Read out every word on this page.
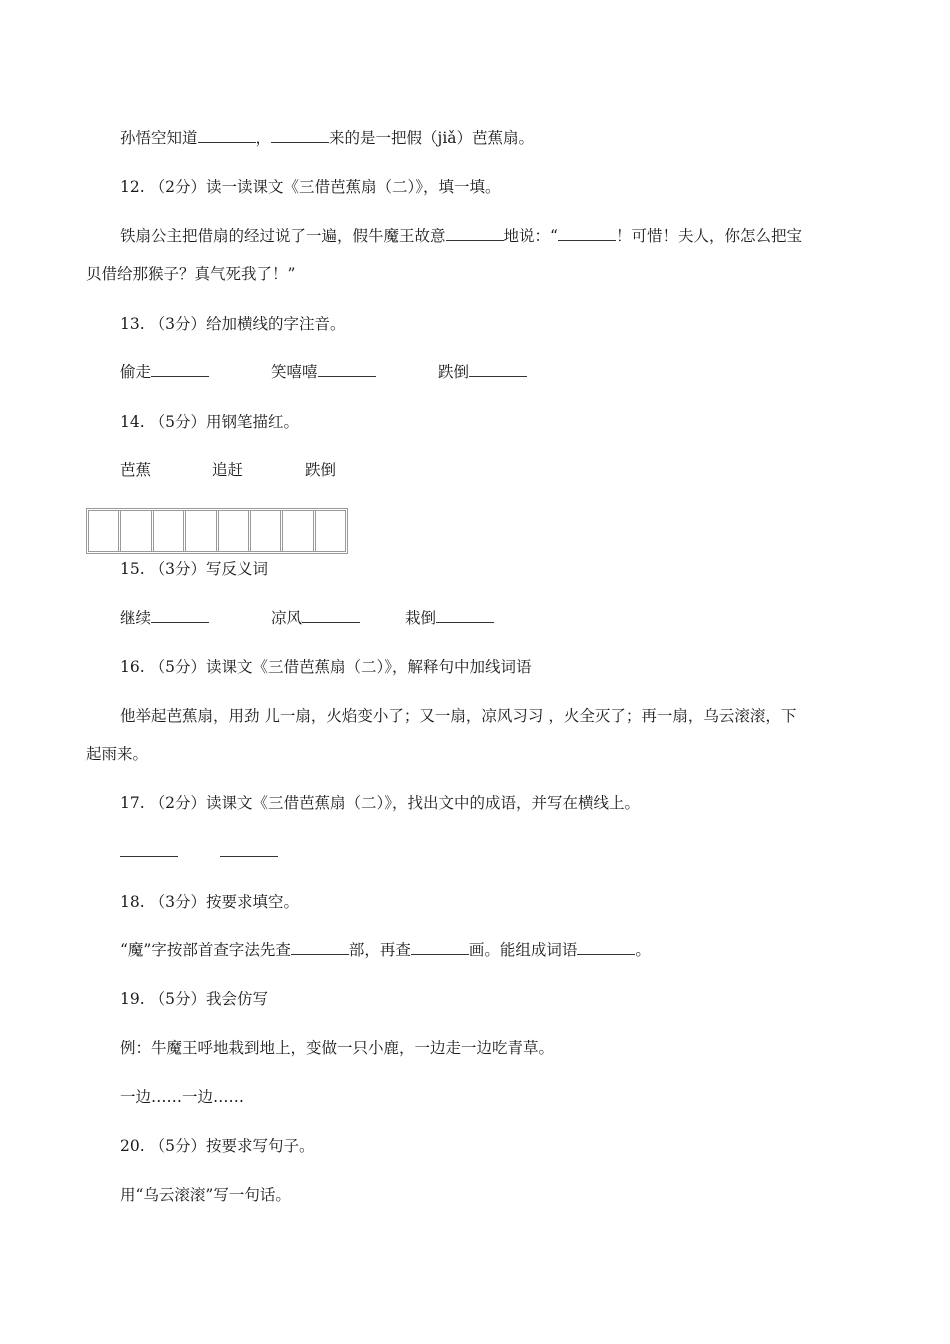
孙悟空知道	，	来的是一把假（jiǎ）芭蕉扇。
12. （2分）读一读课文《三借芭蕉扇（二）》，填一填。
铁扇公主把借扇的经过说了一遍，假牛魔王故意	地说：“	！可惜！夫人，你怎么把宝
贝借给那猴子？真气死我了！”
13. （3分）给加横线的字注音。
偷走	笑嘻嘻	跌倒
14. （5分）用钢笔描红。
芭蕉	追赶	跌倒
15. （3分）写反义词
继续	凉风	栽倒
16. （5分）读课文《三借芭蕉扇（二）》，解释句中加线词语
他举起芭蕉扇，用劲 儿一扇，火焰变小了；又一扇，凉风习习 ，火全灭了；再一扇，乌云滚滚，下
起雨来。
17. （2分）读课文《三借芭蕉扇（二）》，找出文中的成语，并写在横线上。
18. （3分）按要求填空。
“魔”字按部首查字法先查	部，再查	画。能组成词语	。
19. （5分）我会仿写
例：牛魔王呼地栽到地上，变做一只小鹿，一边走一边吃青草。
一边……一边……
20. （5分）按要求写句子。
用“乌云滚滚”写一句话。
